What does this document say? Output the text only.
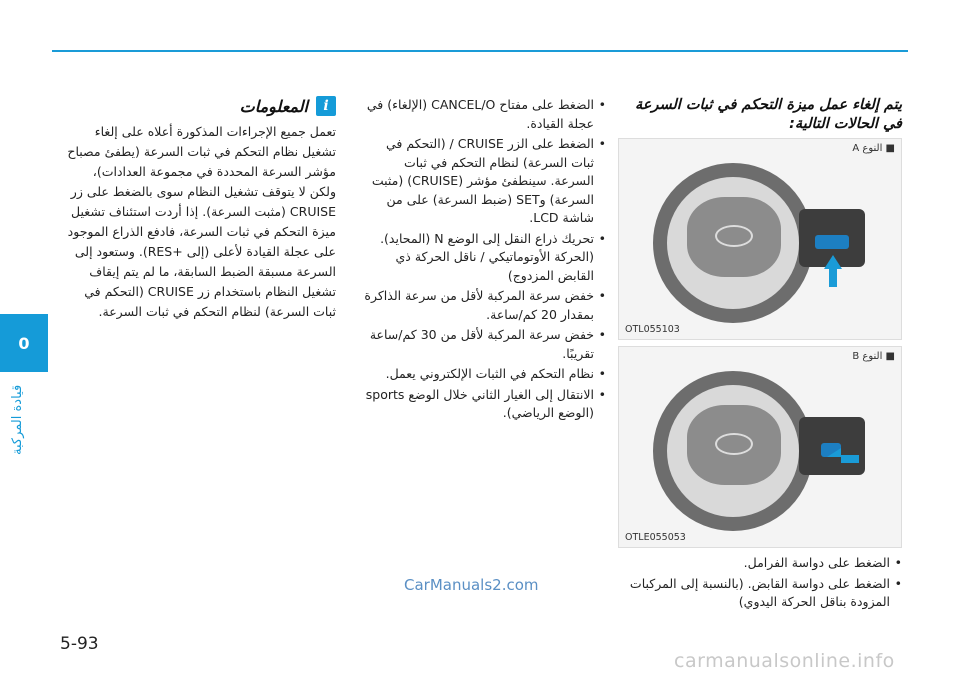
0
قيادة المركبة

يتم إلغاء عمل ميزة التحكم في ثبات السرعة في الحالات التالية:

■ النوع A
OTL055103
■ النوع B
OTLE055053
• الضغط على دواسة الفرامل.
• الضغط على دواسة القابض. (بالنسبة إلى المركبات المزودة بناقل الحركة اليدوي)
• الضغط على مفتاح CANCEL/O (الإلغاء) في عجلة القيادة.
• الضغط على الزر CRUISE / (التحكم في ثبات السرعة) لنظام التحكم في ثبات السرعة. سينطفئ مؤشر (CRUISE) (مثبت السرعة) وSET (ضبط السرعة) على من شاشة LCD.
• تحريك ذراع النقل إلى الوضع N (المحايد). (الحركة الأوتوماتيكي / ناقل الحركة ذي القابض المزدوج)
• خفض سرعة المركبة لأقل من سرعة الذاكرة بمقدار 20 كم/ساعة.
• خفض سرعة المركبة لأقل من 30 كم/ساعة تقريبًا.
• نظام التحكم في الثبات الإلكتروني يعمل.
• الانتقال إلى الغيار الثاني خلال الوضع sports (الوضع الرياضي).
i
المعلومات

تعمل جميع الإجراءات المذكورة أعلاه على إلغاء تشغيل نظام التحكم في ثبات السرعة (يطفئ مصباح مؤشر السرعة المحددة في مجموعة العدادات)، ولكن لا يتوقف تشغيل النظام سوى بالضغط على زر CRUISE (مثبت السرعة). إذا أردت استئناف تشغيل ميزة التحكم في ثبات السرعة، فادفع الذراع الموجود على عجلة القيادة لأعلى (إلى +RES). وستعود إلى السرعة مسبقة الضبط السابقة، ما لم يتم إيقاف تشغيل النظام باستخدام زر CRUISE (التحكم في ثبات السرعة) لنظام التحكم في ثبات السرعة.

CarManuals2.com
5-93
carmanualsonline.info
